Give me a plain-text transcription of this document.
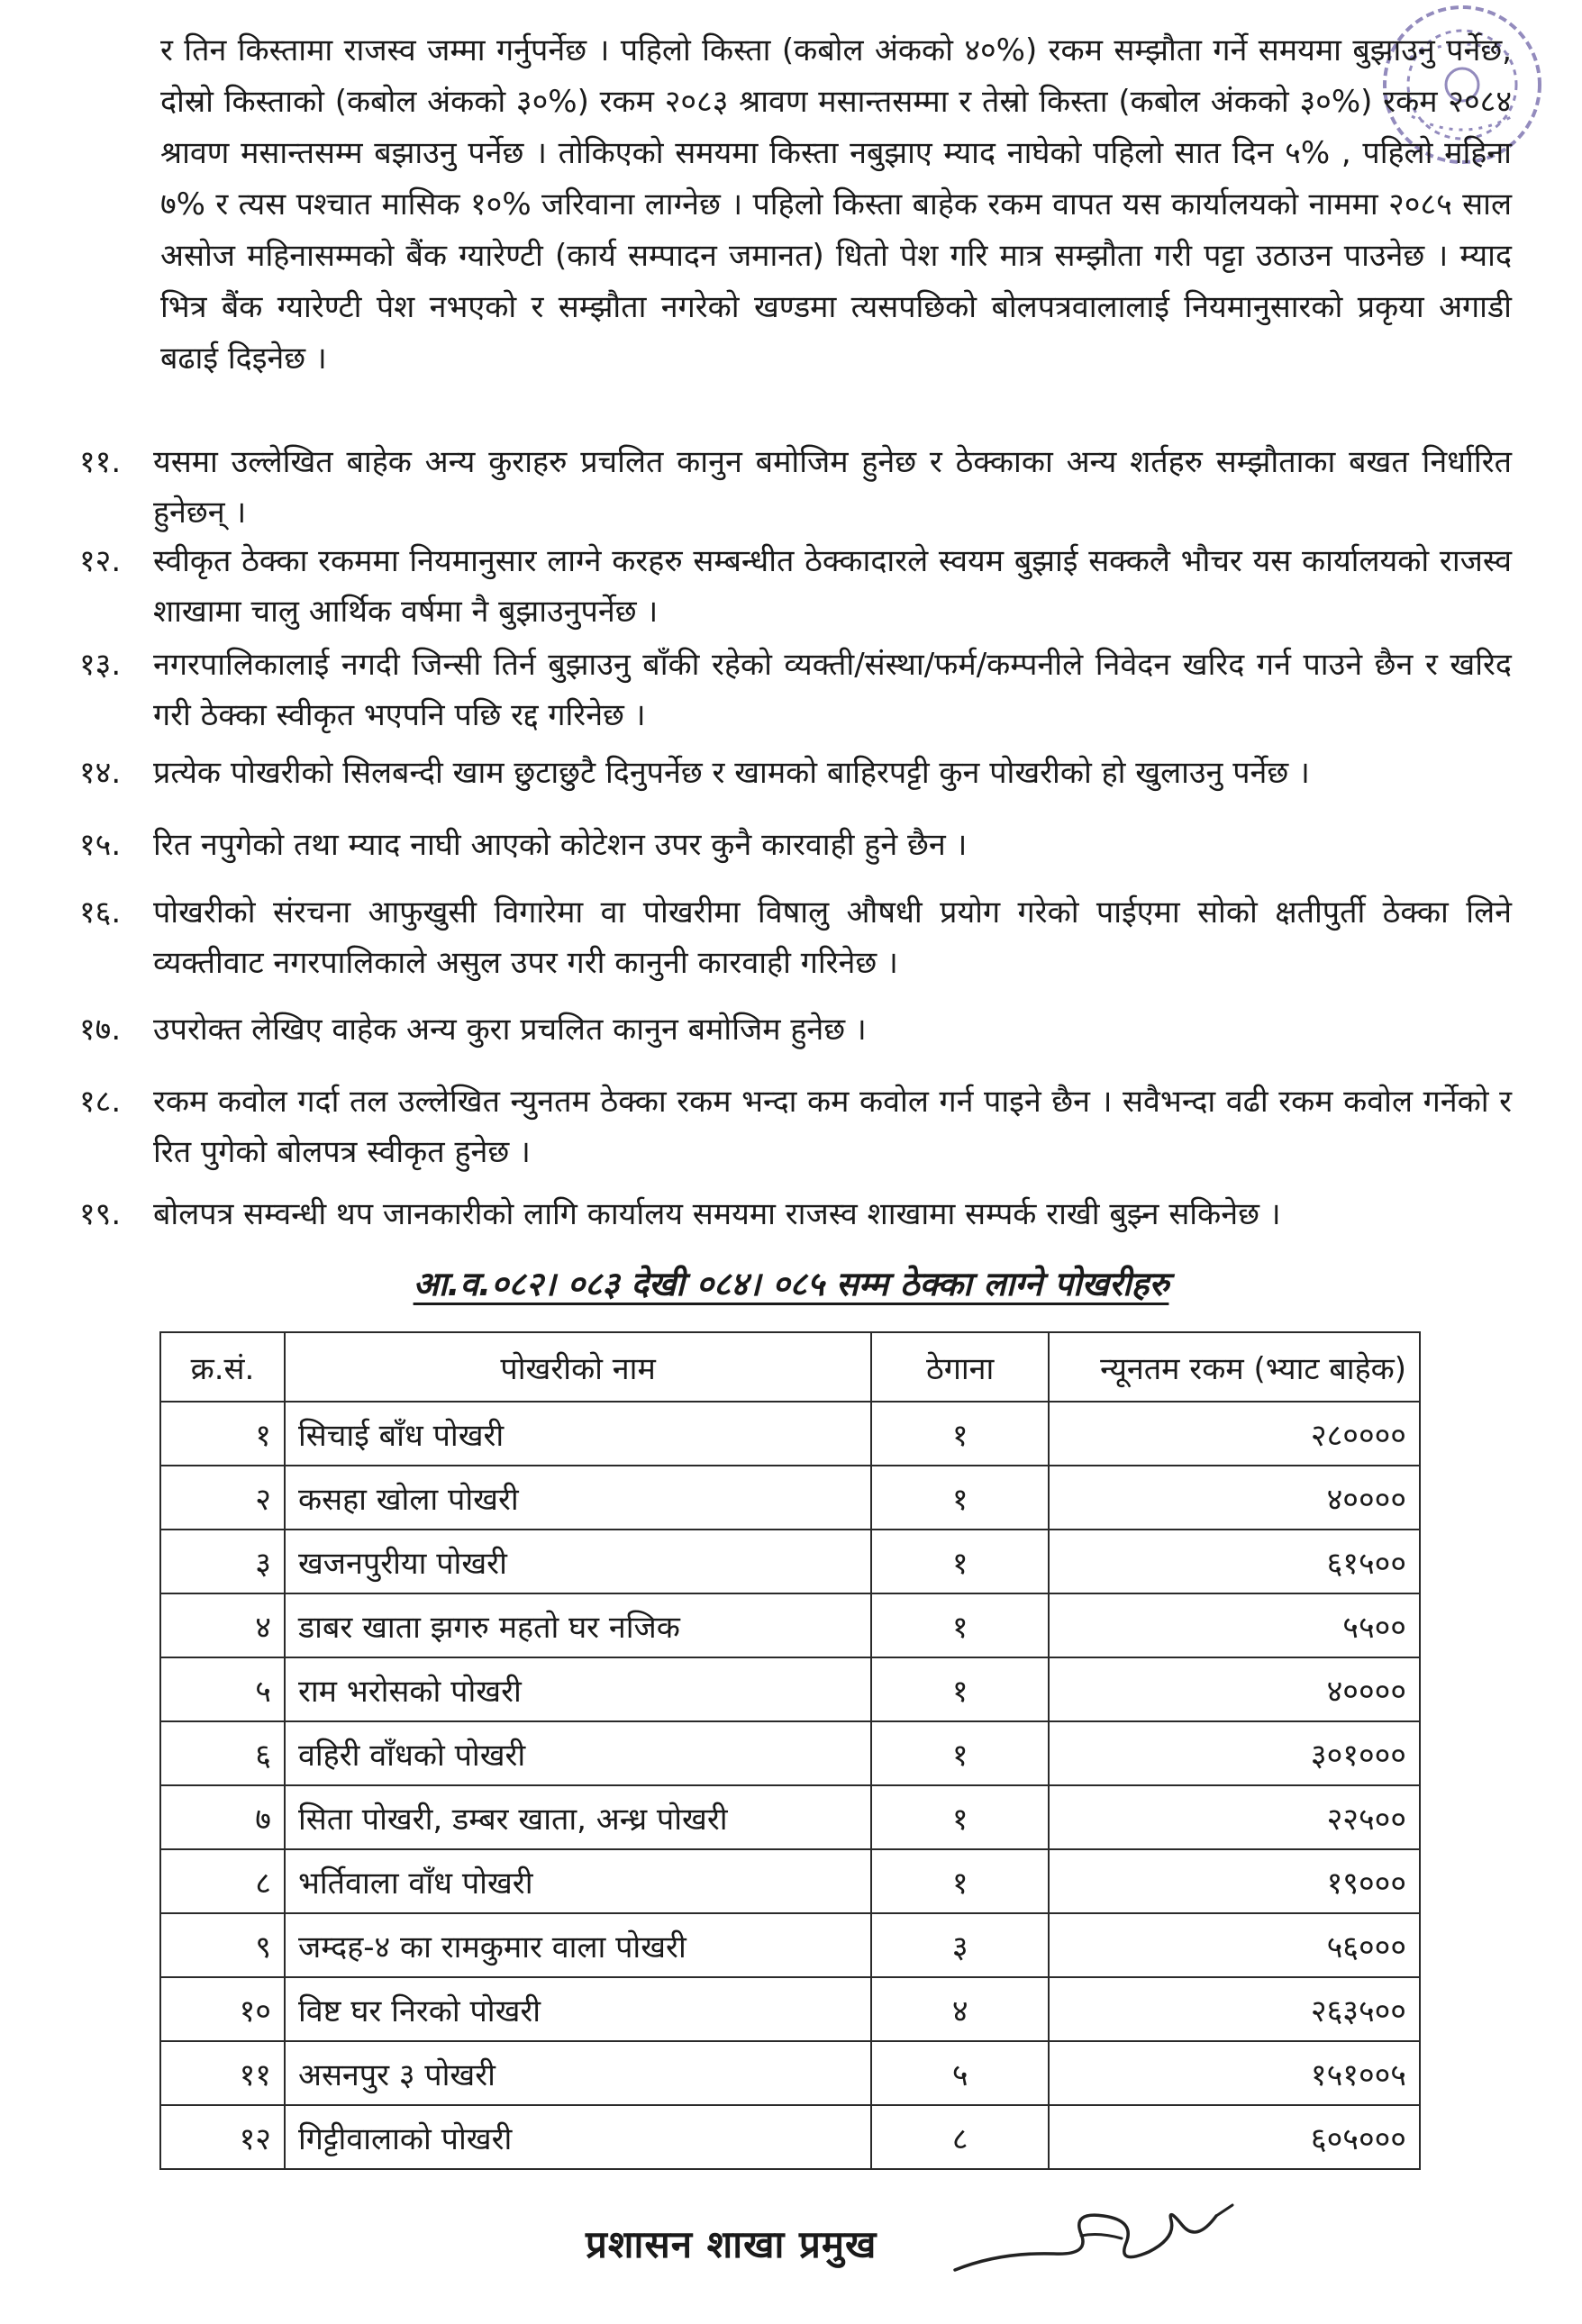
र तिन किस्तामा राजस्व जम्मा गर्नुपर्नेछ । पहिलो किस्ता (कबोल अंकको ४०%) रकम सम्झौता गर्ने समयमा बुझाउनु पर्नेछ, दोस्रो किस्ताको (कबोल अंकको ३०%) रकम २०८३ श्रावण मसान्तसम्मा र तेस्रो किस्ता (कबोल अंकको ३०%) रकम २०८४ श्रावण मसान्तसम्म बझाउनु पर्नेछ । तोकिएको समयमा किस्ता नबुझाए म्याद नाघेको पहिलो सात दिन ५% , पहिलो महिना ७% र त्यस पश्चात मासिक १०% जरिवाना लाग्नेछ । पहिलो किस्ता बाहेक रकम वापत यस कार्यालयको नाममा २०८५ साल असोज महिनासम्मको बैंक ग्यारेण्टी (कार्य सम्पादन जमानत) धितो पेश गरि मात्र सम्झौता गरी पट्टा उठाउन पाउनेछ । म्याद भित्र बैंक ग्यारेण्टी पेश नभएको र सम्झौता नगरेको खण्डमा त्यसपछिको बोलपत्रवालालाई नियमानुसारको प्रकृया अगाडी बढाई दिइनेछ ।

११.	यसमा उल्लेखित बाहेक अन्य कुराहरु प्रचलित कानुन बमोजिम हुनेछ र ठेक्काका अन्य शर्तहरु सम्झौताका बखत निर्धारित हुनेछन् ।
१२.	स्वीकृत ठेक्का रकममा नियमानुसार लाग्ने करहरु सम्बन्धीत ठेक्कादारले स्वयम बुझाई सक्कलै भौचर यस कार्यालयको राजस्व शाखामा चालु आर्थिक वर्षमा नै बुझाउनुपर्नेछ ।
१३.	नगरपालिकालाई नगदी जिन्सी तिर्न बुझाउनु बाँकी रहेको व्यक्ती/संस्था/फर्म/कम्पनीले निवेदन खरिद गर्न पाउने छैन र खरिद गरी ठेक्का स्वीकृत भएपनि पछि रद्द गरिनेछ ।
१४.	प्रत्येक पोखरीको सिलबन्दी खाम छुटाछुटै दिनुपर्नेछ र खामको बाहिरपट्टी कुन पोखरीको हो खुलाउनु पर्नेछ ।
१५.	रित नपुगेको तथा म्याद नाघी आएको कोटेशन उपर कुनै कारवाही हुने छैन ।
१६.	पोखरीको संरचना आफुखुसी विगारेमा वा पोखरीमा विषालु औषधी प्रयोग गरेको पाईएमा सोको क्षतीपुर्ती ठेक्का लिने व्यक्तीवाट नगरपालिकाले असुल उपर गरी कानुनी कारवाही गरिनेछ ।
१७.	उपरोक्त लेखिए वाहेक अन्य कुरा प्रचलित कानुन बमोजिम हुनेछ ।
१८.	रकम कवोल गर्दा तल उल्लेखित न्युनतम ठेक्का रकम भन्दा कम कवोल गर्न पाइने छैन । सवैभन्दा वढी रकम कवोल गर्नेको र रित पुगेको बोलपत्र स्वीकृत हुनेछ ।
१९.	बोलपत्र सम्वन्धी थप जानकारीको लागि कार्यालय समयमा राजस्व शाखामा सम्पर्क राखी बुझ्न सकिनेछ ।
आ.व.०८२। ०८३ देखी ०८४। ०८५ सम्म ठेक्का लाग्ने पोखरीहरु
क्र.सं.	पोखरीको नाम	ठेगाना	न्यूनतम रकम (भ्याट बाहेक)
१	सिचाई बाँध पोखरी	१	२८००००
२	कसहा खोला पोखरी	१	४००००
३	खजनपुरीया पोखरी	१	६१५००
४	डाबर खाता झगरु महतो घर नजिक	१	५५००
५	राम भरोसको पोखरी	१	४००००
६	वहिरी वाँधको पोखरी	१	३०१०००
७	सिता पोखरी, डम्बर खाता, अन्ध्र पोखरी	१	२२५००
८	भर्तिवाला वाँध पोखरी	१	१९०००
९	जम्दह-४ का रामकुमार वाला पोखरी	३	५६०००
१०	विष्ट घर निरको पोखरी	४	२६३५००
११	असनपुर ३ पोखरी	५	१५१००५
१२	गिट्टीवालाको पोखरी	८	६०५०००
प्रशासन शाखा प्रमुख
